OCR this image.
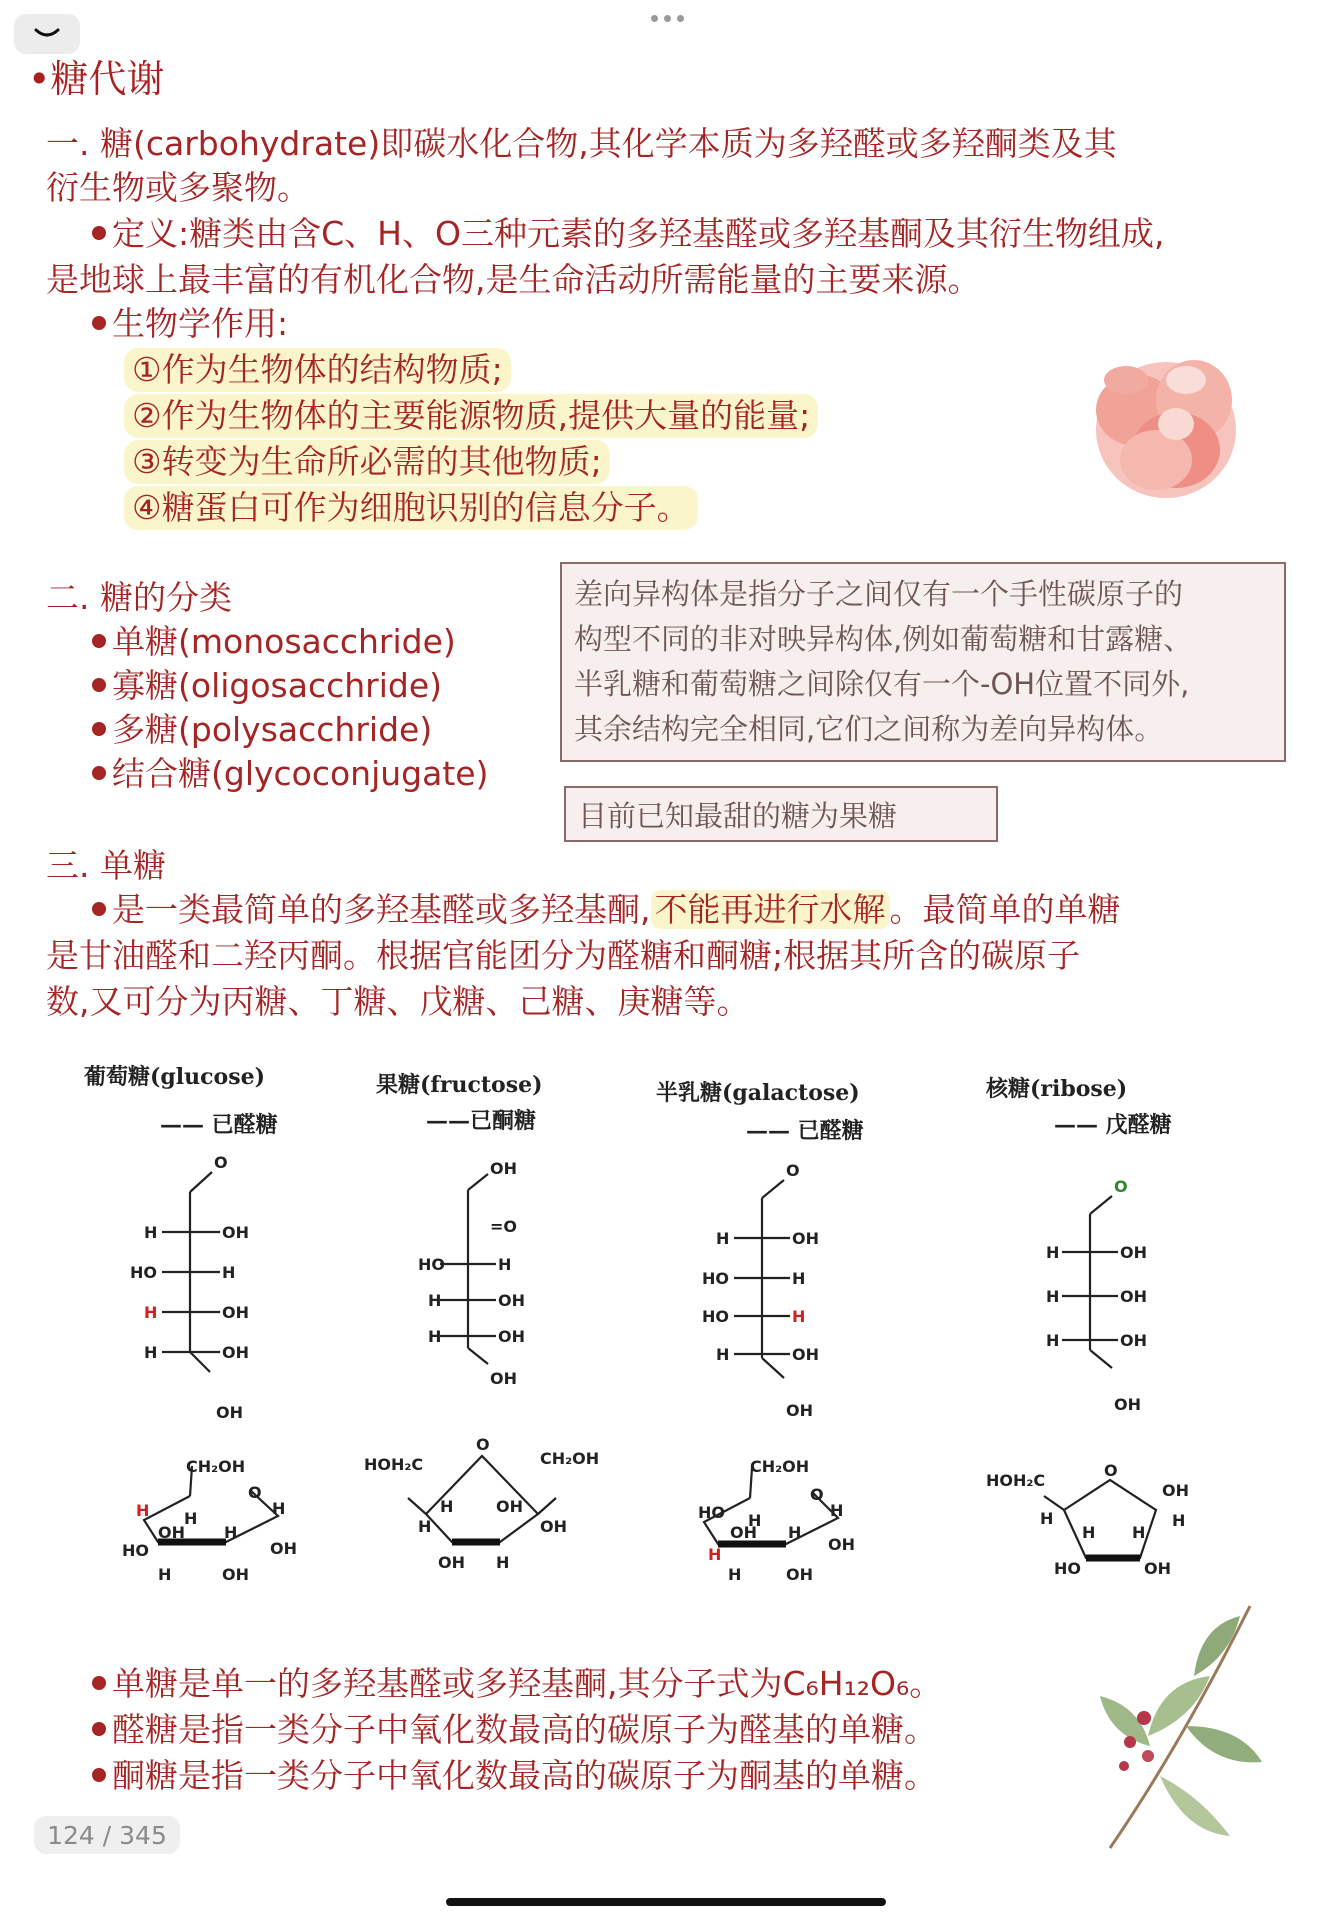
•糖代谢
一. 糖(carbohydrate)即碳水化合物,其化学本质为多羟醛或多羟酮类及其
衍生物或多聚物。
定义:糖类由含C、H、O三种元素的多羟基醛或多羟基酮及其衍生物组成,
是地球上最丰富的有机化合物,是生命活动所需能量的主要来源。
生物学作用:
①作为生物体的结构物质;
②作为生物体的主要能源物质,提供大量的能量;
③转变为生命所必需的其他物质;
④糖蛋白可作为细胞识别的信息分子。
二. 糖的分类
单糖(monosacchride)
寡糖(oligosacchride)
多糖(polysacchride)
结合糖(glycoconjugate)
差向异构体是指分子之间仅有一个手性碳原子的
构型不同的非对映异构体,例如葡萄糖和甘露糖、
半乳糖和葡萄糖之间除仅有一个-OH位置不同外,
其余结构完全相同,它们之间称为差向异构体。
目前已知最甜的糖为果糖
三. 单糖
是一类最简单的多羟基醛或多羟基酮, 不能再进行水解 。最简单的单糖
是甘油醛和二羟丙酮。根据官能团分为醛糖和酮糖;根据其所含的碳原子
数,又可分为丙糖、丁糖、戊糖、己糖、庚糖等。
葡萄糖(glucose)
—— 已醛糖
果糖(fructose)
——已酮糖
半乳糖(galactose)
—— 已醛糖
核糖(ribose)
—— 戊醛糖
O
H	OH
HO	H
H	OH
H	OH
OH
OH
=O
HO	H
H	OH
H	OH
OH
O
H	OH
HO	H
HO	H
H	OH
OH
O
H	OH
H	OH
H	OH
OH
CH₂OH
O
H
H H
OH H
OH
HO
H	OH
HOH₂C
O
CH₂OH
H	OH
H	OH
OH H
CH₂OH
O
H
HO H
OH H
OH
H
H	OH
HOH₂C
O
OH
H
H
H H
HO	OH
单糖是单一的多羟基醛或多羟基酮,其分子式为C₆H₁₂O₆。
醛糖是指一类分子中氧化数最高的碳原子为醛基的单糖。
酮糖是指一类分子中氧化数最高的碳原子为酮基的单糖。
124 / 345
